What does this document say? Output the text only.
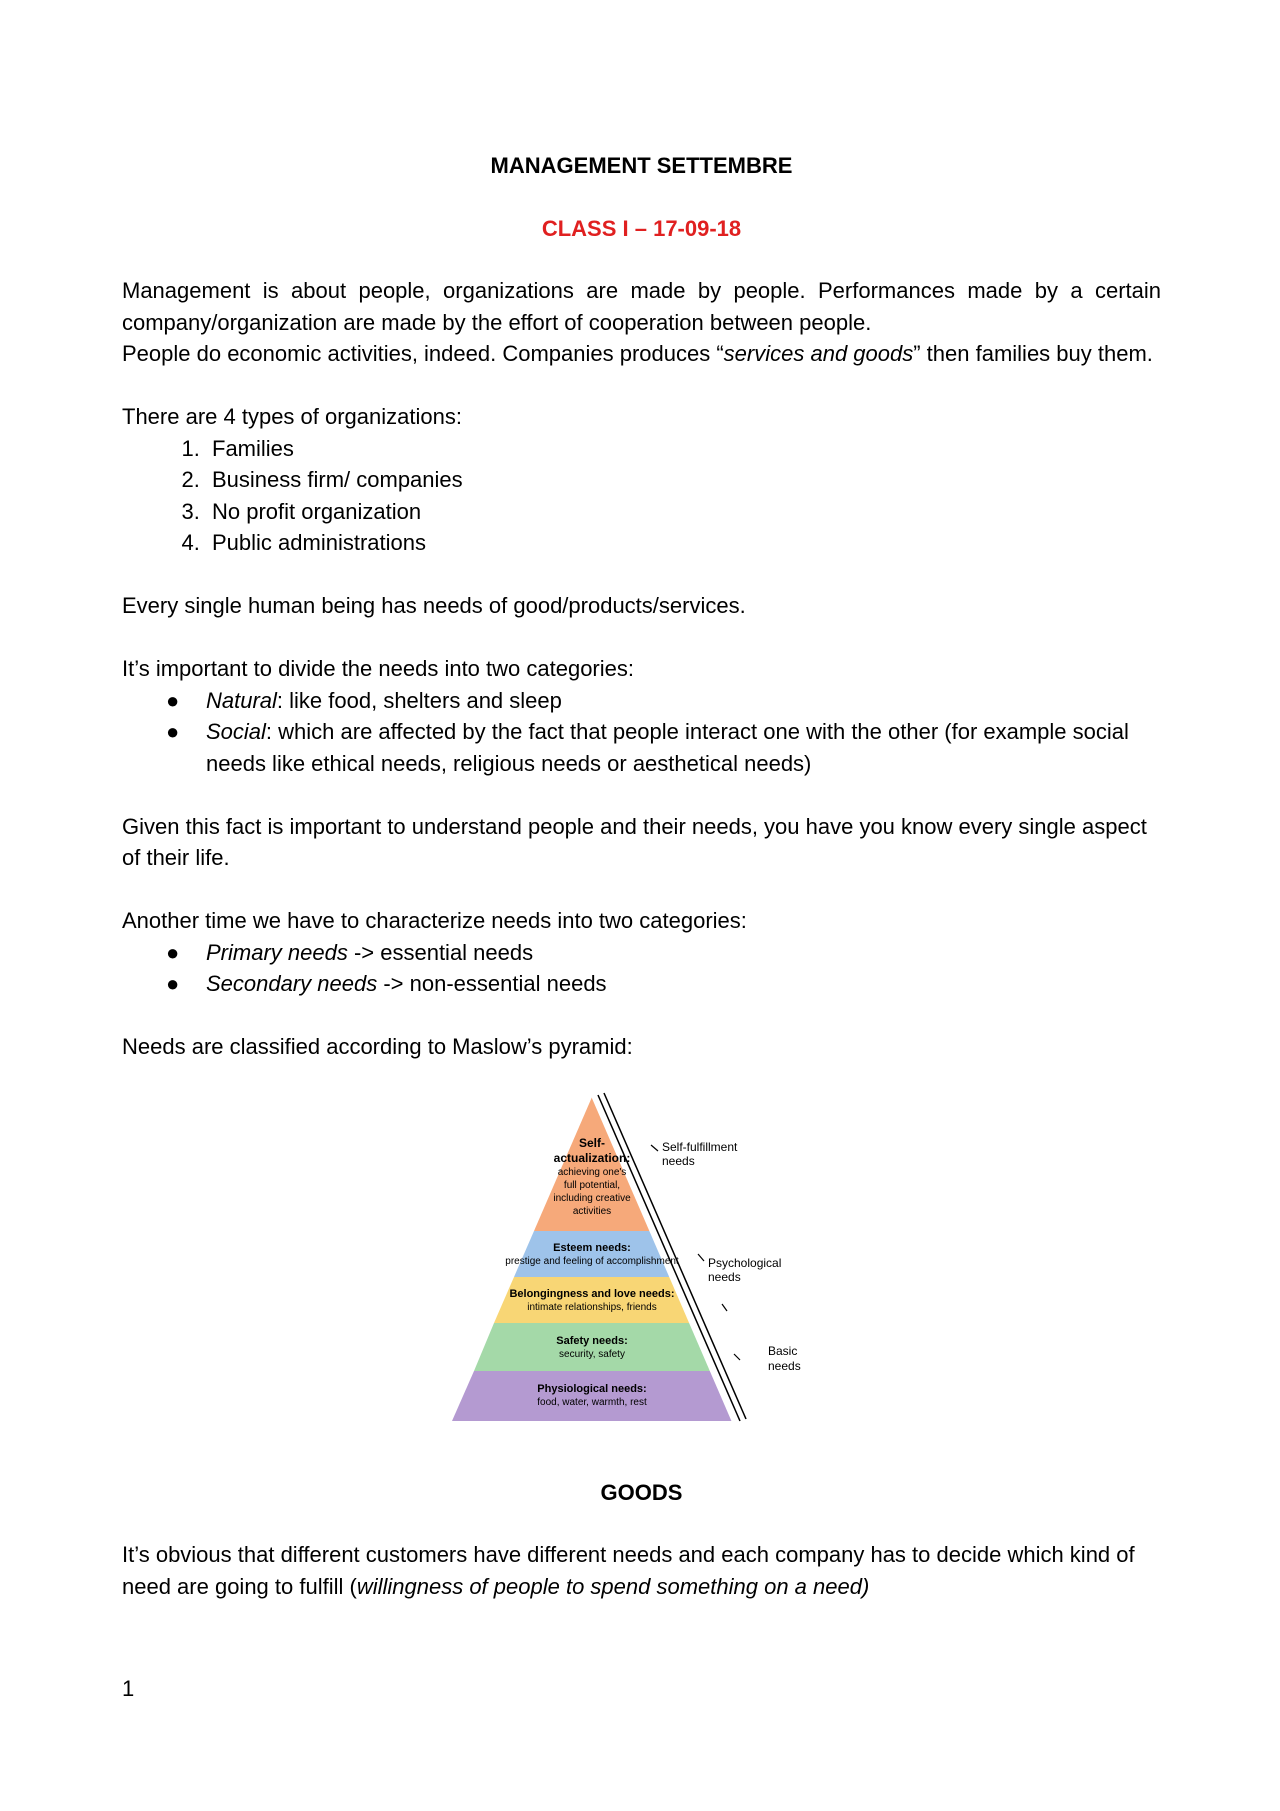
MANAGEMENT SETTEMBRE

CLASS I – 17-09-18

Management is about people, organizations are made by people. Performances made by a certain company/organization are made by the effort of cooperation between people.

People do economic activities, indeed. Companies produces “services and goods” then families buy them.

There are 4 types of organizations:

1. Families
2. Business firm/ companies
3. No profit organization
4. Public administrations

Every single human being has needs of good/products/services.

It’s important to divide the needs into two categories:

● Natural: like food, shelters and sleep
● Social: which are affected by the fact that people interact one with the other (for example social needs like ethical needs, religious needs or aesthetical needs)

Given this fact is important to understand people and their needs, you have you know every single aspect of their life.

Another time we have to characterize needs into two categories:

● Primary needs -> essential needs
● Secondary needs -> non-essential needs

Needs are classified according to Maslow’s pyramid:

Self-
actualization:
achieving one's
full potential,
including creative
activities
Esteem needs:
prestige and feeling of accomplishment
Belongingness and love needs:
intimate relationships, friends
Safety needs:
security, safety
Physiological needs:
food, water, warmth, rest
Self-fulfillment
needs
Psychological
needs
Basic
needs

GOODS

It’s obvious that different customers have different needs and each company has to decide which kind of need are going to fulfill (willingness of people to spend something on a need)

1
